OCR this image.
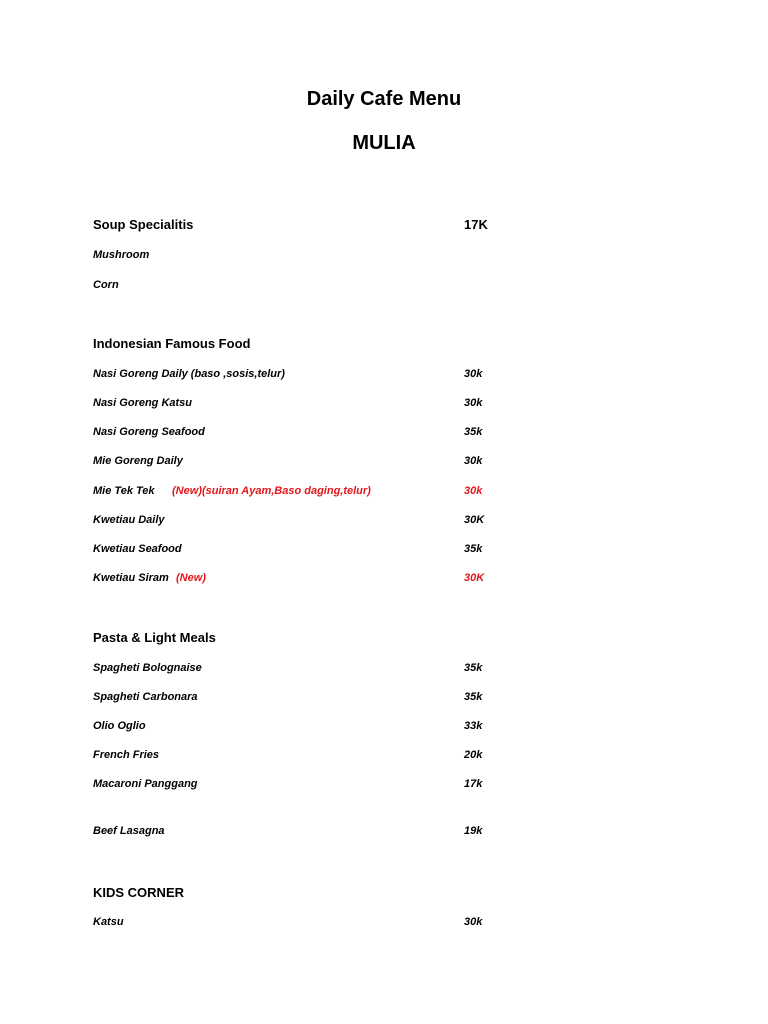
Daily Cafe Menu
MULIA
Soup Specialitis	17K
Mushroom
Corn
Indonesian Famous Food
Nasi Goreng Daily (baso ,sosis,telur)	30k
Nasi Goreng Katsu	30k
Nasi Goreng Seafood	35k
Mie Goreng Daily	30k
Mie Tek Tek (New)(suiran Ayam,Baso daging,telur)	30k
Kwetiau Daily	30K
Kwetiau Seafood	35k
Kwetiau Siram (New)	30K
Pasta & Light Meals
Spagheti Bolognaise	35k
Spagheti Carbonara	35k
Olio Oglio	33k
French Fries	20k
Macaroni Panggang	17k
Beef Lasagna	19k
KIDS CORNER
Katsu	30k
